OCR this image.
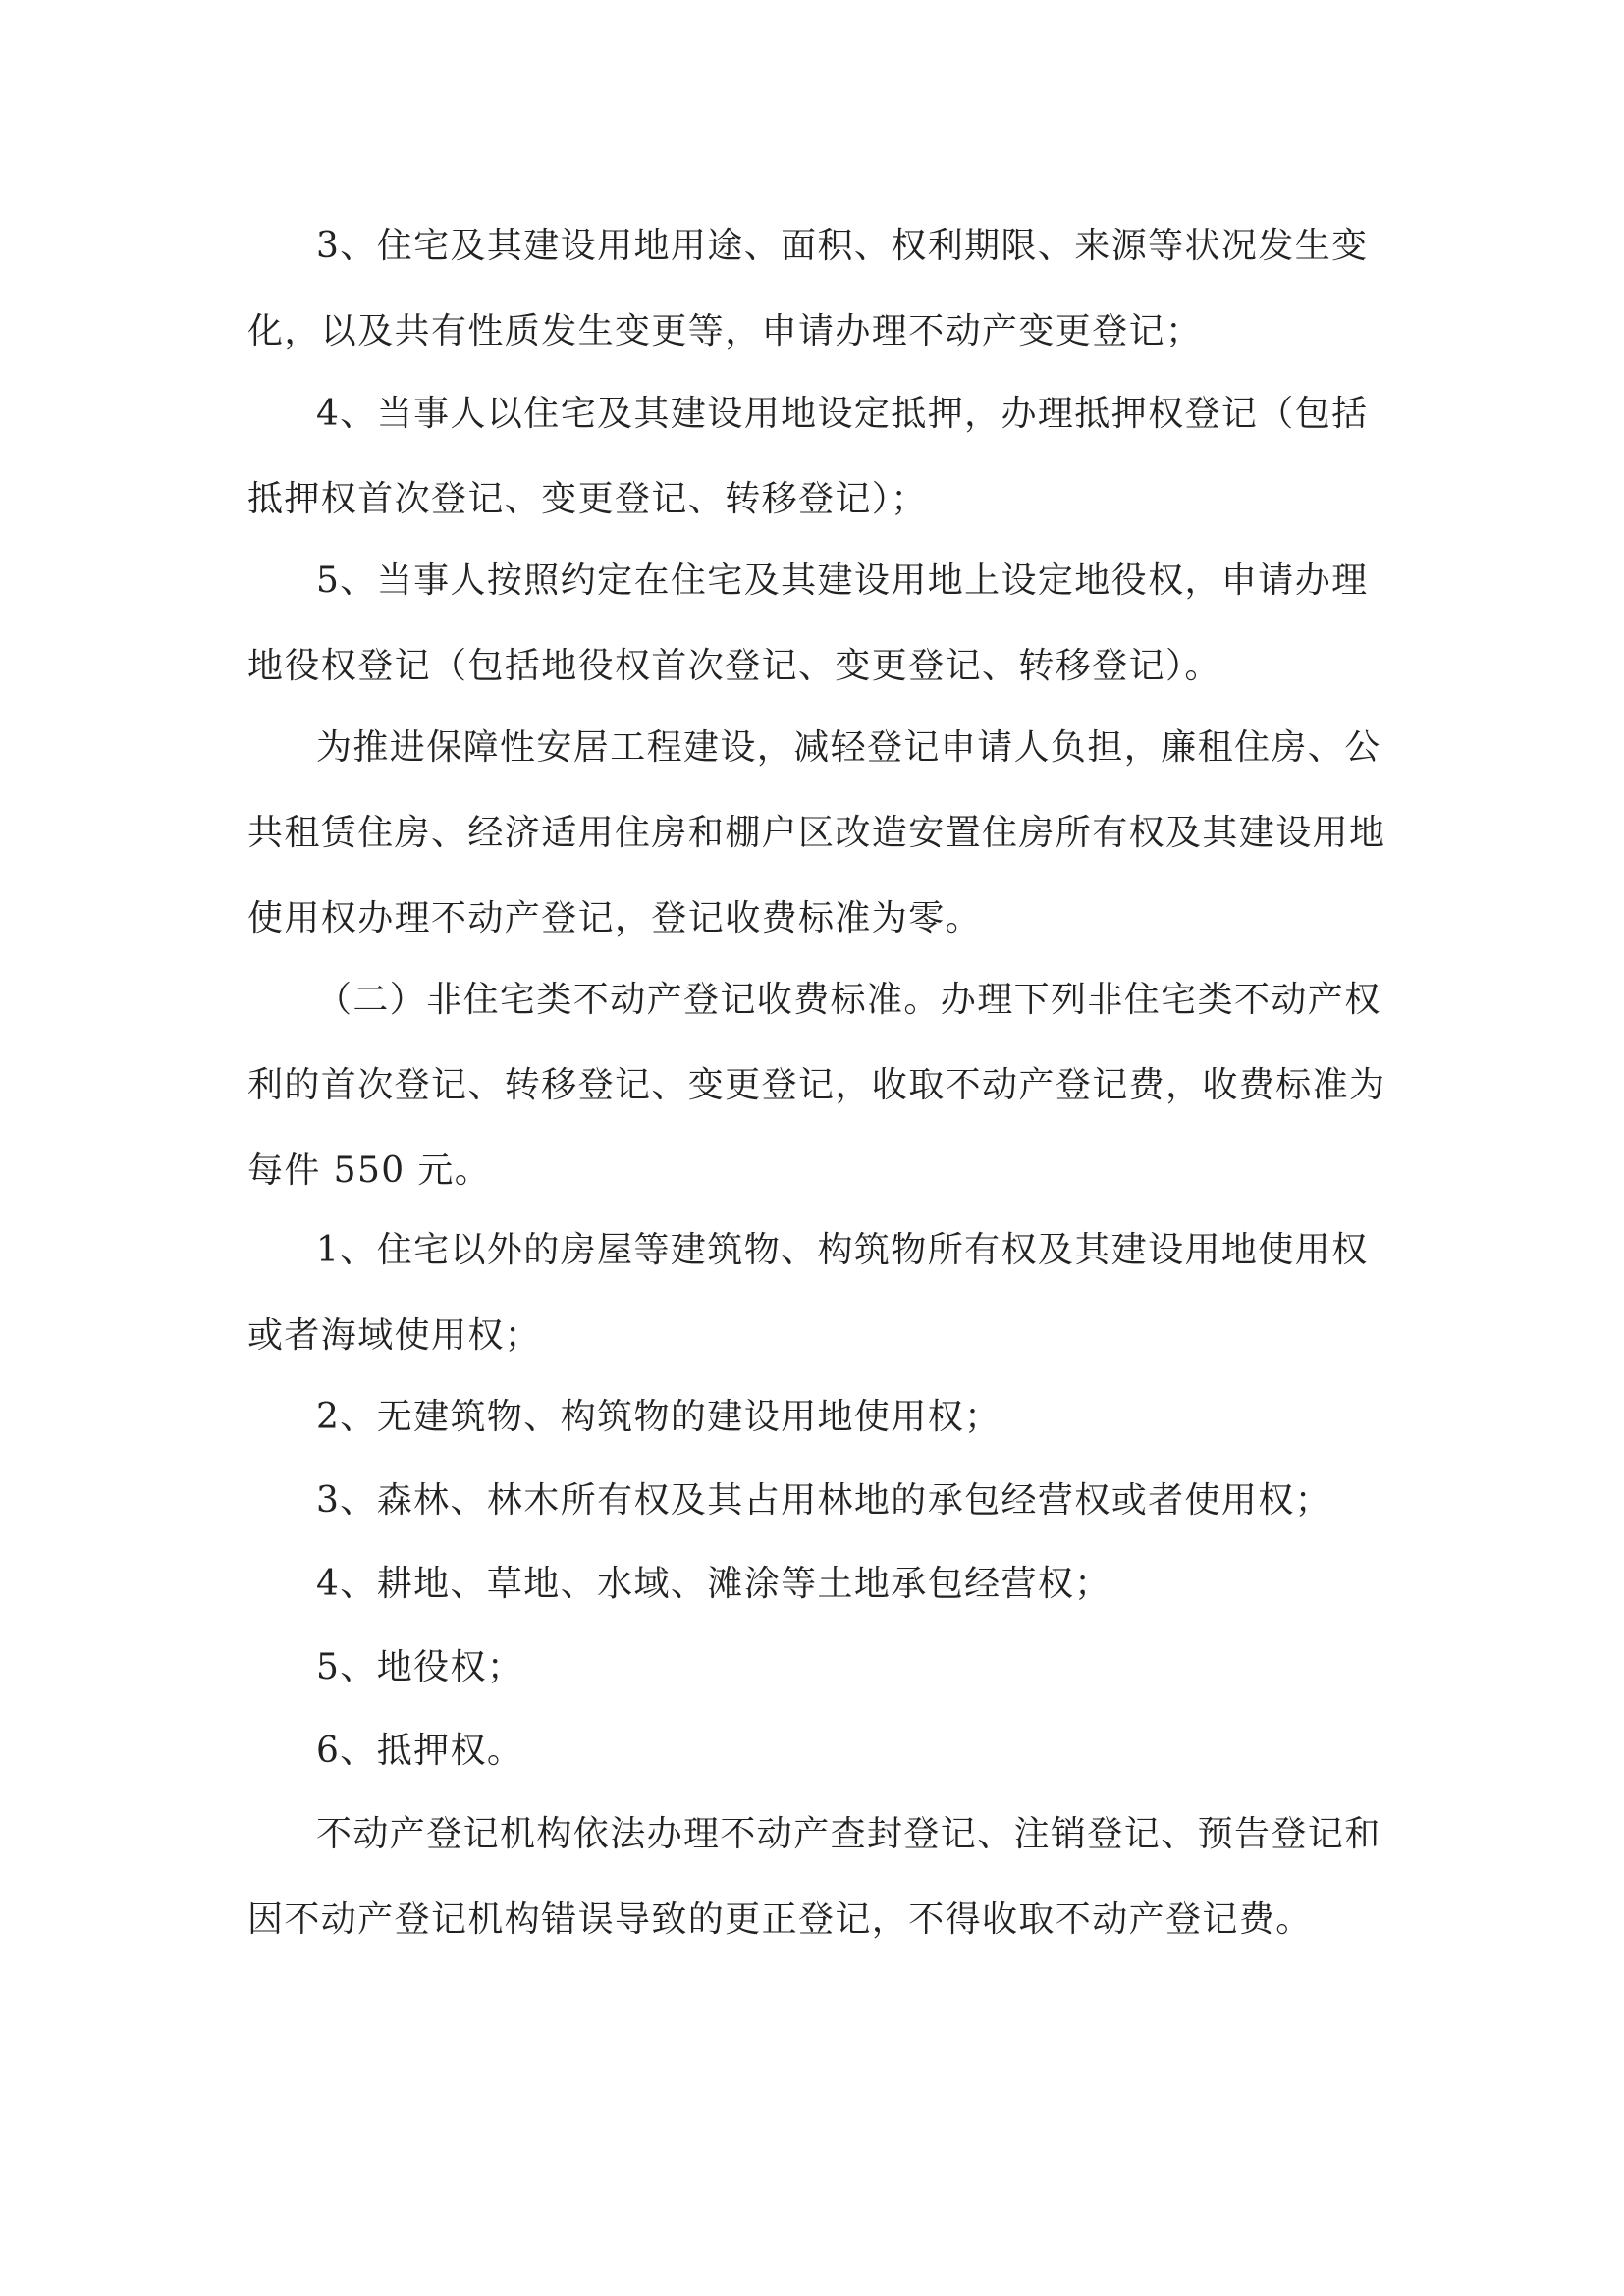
3、住宅及其建设用地用途、面积、权利期限、来源等状况发生变化，以及共有性质发生变更等，申请办理不动产变更登记；

4、当事人以住宅及其建设用地设定抵押，办理抵押权登记（包括抵押权首次登记、变更登记、转移登记）；

5、当事人按照约定在住宅及其建设用地上设定地役权，申请办理地役权登记（包括地役权首次登记、变更登记、转移登记）。

为推进保障性安居工程建设，减轻登记申请人负担，廉租住房、公共租赁住房、经济适用住房和棚户区改造安置住房所有权及其建设用地使用权办理不动产登记，登记收费标准为零。

（二）非住宅类不动产登记收费标准。办理下列非住宅类不动产权利的首次登记、转移登记、变更登记，收取不动产登记费，收费标准为每件 550 元。

1、住宅以外的房屋等建筑物、构筑物所有权及其建设用地使用权或者海域使用权；

2、无建筑物、构筑物的建设用地使用权；

3、森林、林木所有权及其占用林地的承包经营权或者使用权；

4、耕地、草地、水域、滩涂等土地承包经营权；

5、地役权；

6、抵押权。

不动产登记机构依法办理不动产查封登记、注销登记、预告登记和因不动产登记机构错误导致的更正登记，不得收取不动产登记费。
